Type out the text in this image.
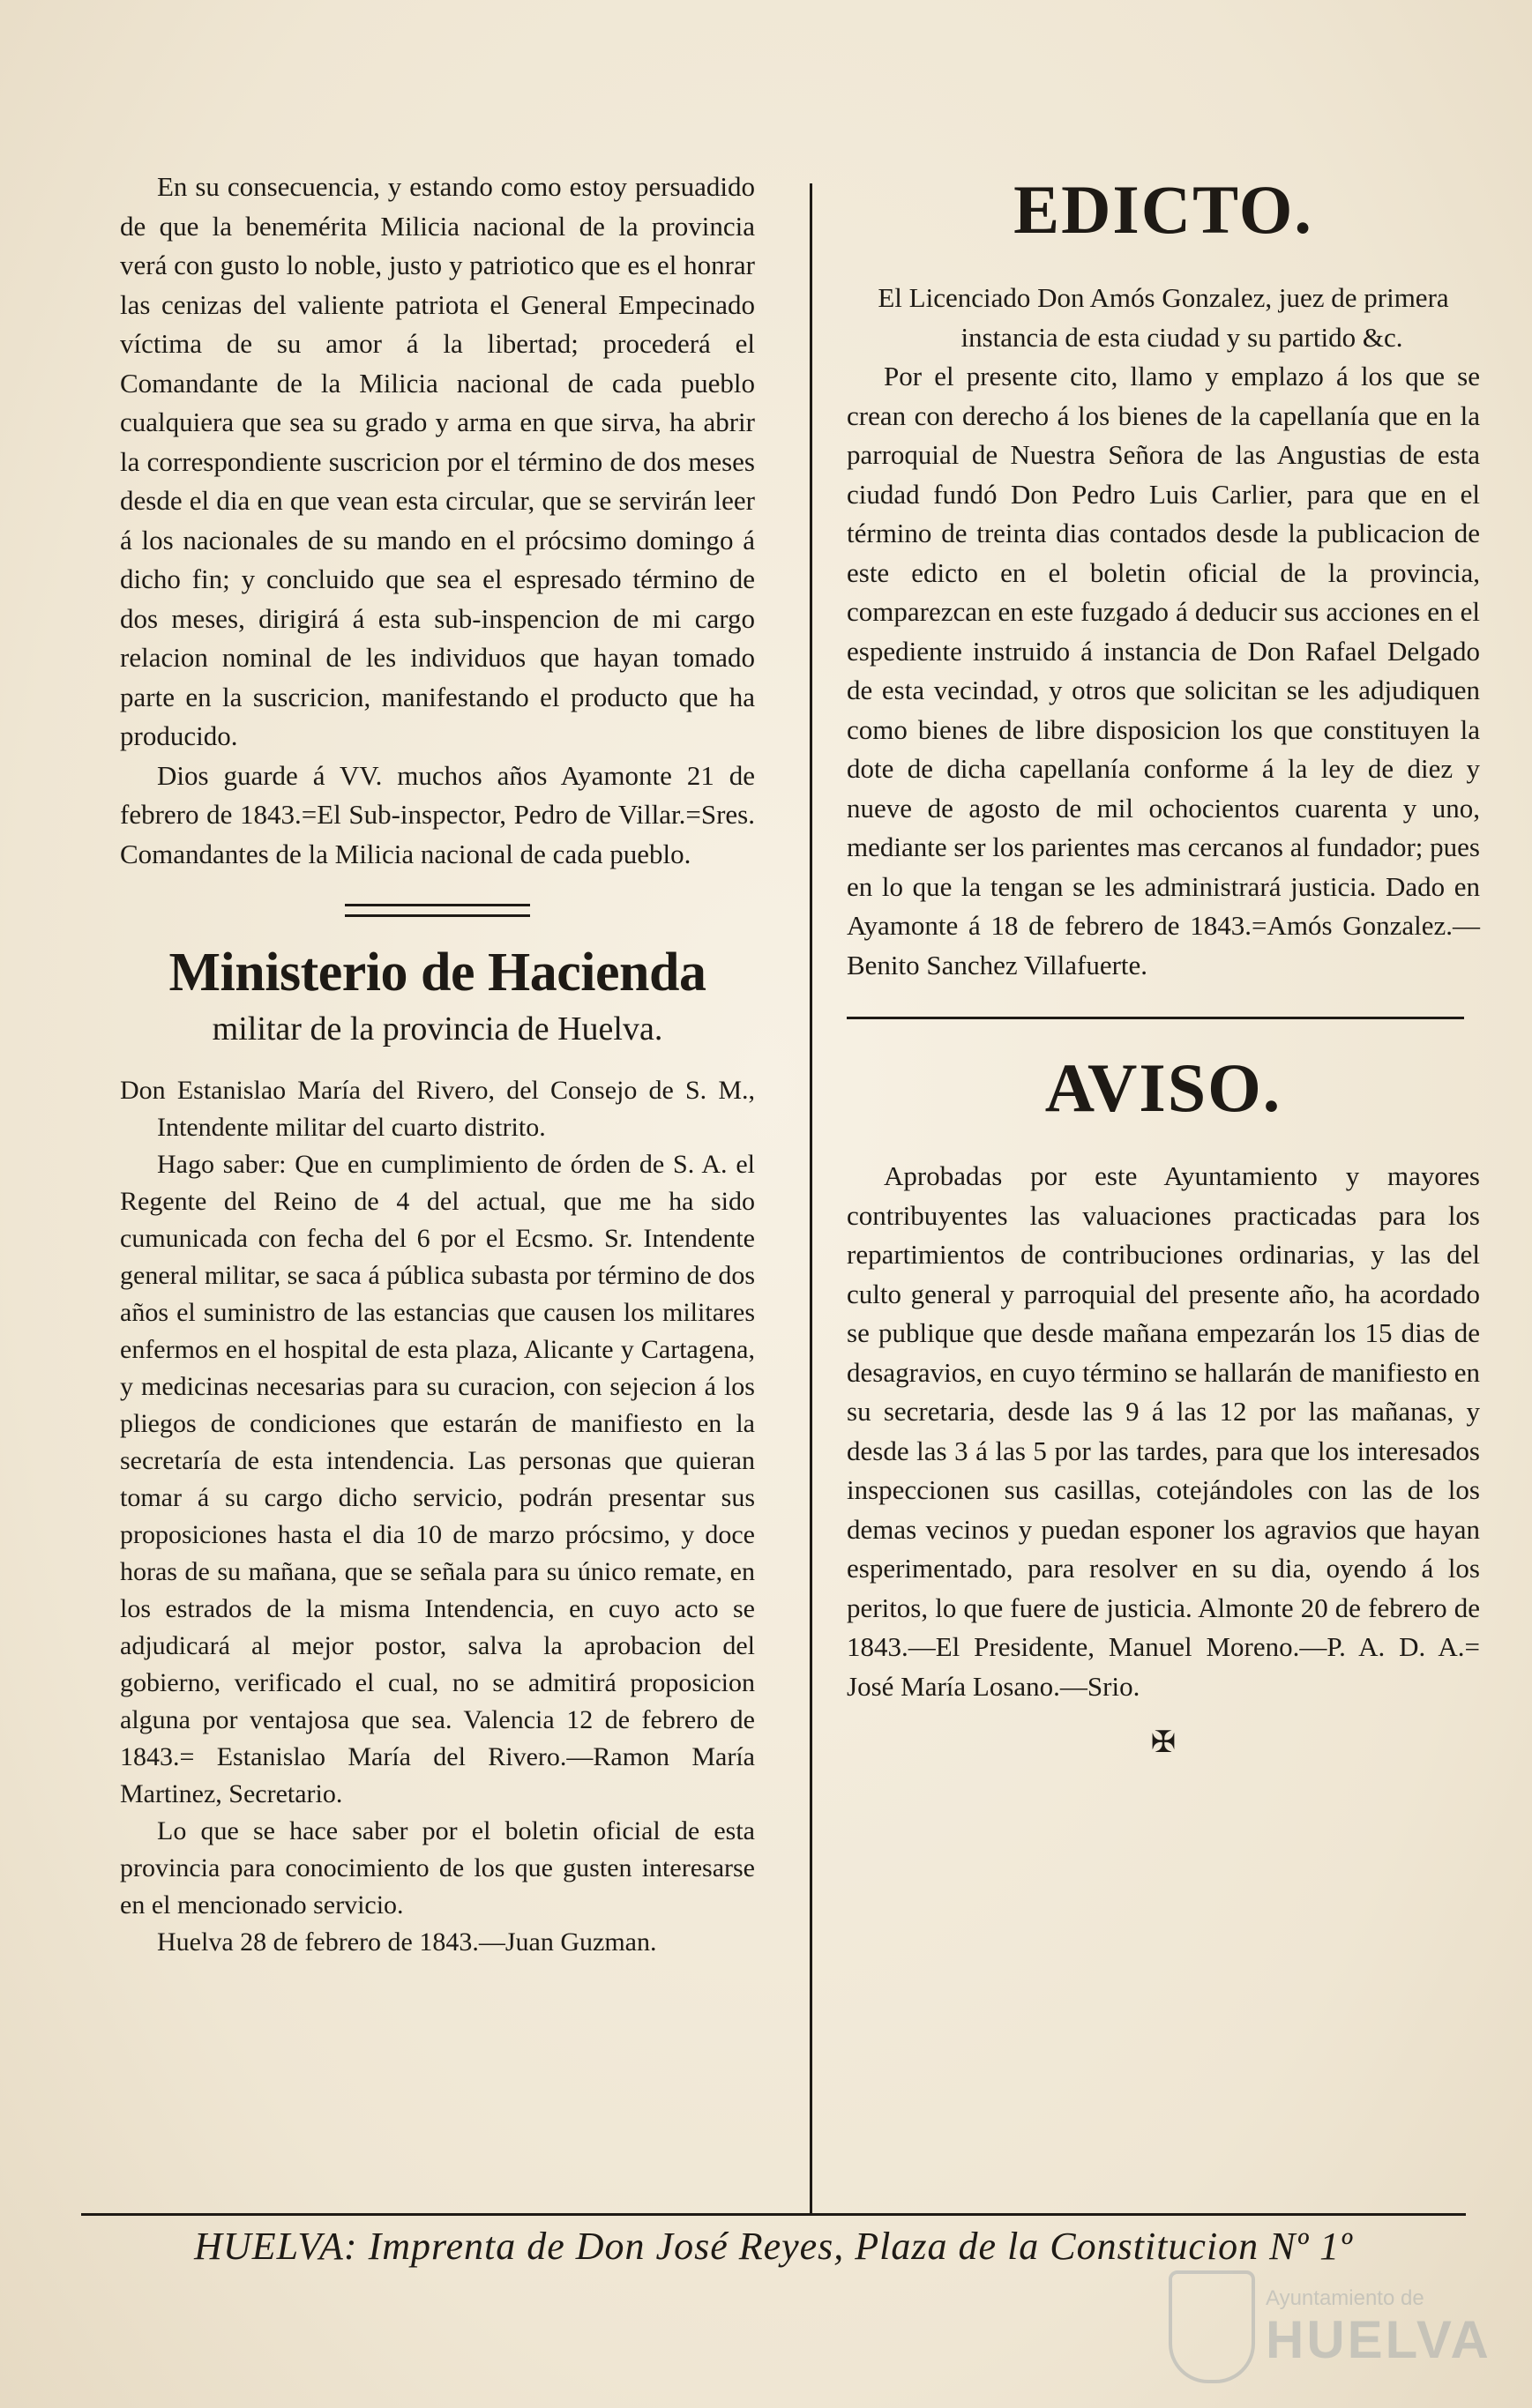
En su consecuencia, y estando como estoy persuadido de que la benemérita Milicia nacional de la provincia verá con gusto lo noble, justo y patriotico que es el honrar las cenizas del valiente patriota el General Empecinado víctima de su amor á la libertad; procederá el Comandante de la Milicia nacional de cada pueblo cualquiera que sea su grado y arma en que sirva, ha abrir la correspondiente suscricion por el término de dos meses desde el dia en que vean esta circular, que se servirán leer á los nacionales de su mando en el prócsimo domingo á dicho fin; y concluido que sea el espresado término de dos meses, dirigirá á esta sub-inspencion de mi cargo relacion nominal de les individuos que hayan tomado parte en la suscricion, manifestando el producto que ha producido.

Dios guarde á VV. muchos años Ayamonte 21 de febrero de 1843.=El Sub-inspector, Pedro de Villar.=Sres. Comandantes de la Milicia nacional de cada pueblo.

Ministerio de Hacienda
militar de la provincia de Huelva.

Don Estanislao María del Rivero, del Consejo de S. M., Intendente militar del cuarto distrito.

Hago saber: Que en cumplimiento de órden de S. A. el Regente del Reino de 4 del actual, que me ha sido cumunicada con fecha del 6 por el Ecsmo. Sr. Intendente general militar, se saca á pública subasta por término de dos años el suministro de las estancias que causen los militares enfermos en el hospital de esta plaza, Alicante y Cartagena, y medicinas necesarias para su curacion, con sejecion á los pliegos de condiciones que estarán de manifiesto en la secretaría de esta intendencia. Las personas que quieran tomar á su cargo dicho servicio, podrán presentar sus proposiciones hasta el dia 10 de marzo prócsimo, y doce horas de su mañana, que se señala para su único remate, en los estrados de la misma Intendencia, en cuyo acto se adjudicará al mejor postor, salva la aprobacion del gobierno, verificado el cual, no se admitirá proposicion alguna por ventajosa que sea. Valencia 12 de febrero de 1843.= Estanislao María del Rivero.—Ramon María Martinez, Secretario.

Lo que se hace saber por el boletin oficial de esta provincia para conocimiento de los que gusten interesarse en el mencionado servicio.

Huelva 28 de febrero de 1843.—Juan Guzman.

EDICTO.

El Licenciado Don Amós Gonzalez, juez de primera instancia de esta ciudad y su partido &c.

Por el presente cito, llamo y emplazo á los que se crean con derecho á los bienes de la capellanía que en la parroquial de Nuestra Señora de las Angustias de esta ciudad fundó Don Pedro Luis Carlier, para que en el término de treinta dias contados desde la publicacion de este edicto en el boletin oficial de la provincia, comparezcan en este fuzgado á deducir sus acciones en el espediente instruido á instancia de Don Rafael Delgado de esta vecindad, y otros que solicitan se les adjudiquen como bienes de libre disposicion los que constituyen la dote de dicha capellanía conforme á la ley de diez y nueve de agosto de mil ochocientos cuarenta y uno, mediante ser los parientes mas cercanos al fundador; pues en lo que la tengan se les administrará justicia. Dado en Ayamonte á 18 de febrero de 1843.=Amós Gonzalez.—Benito Sanchez Villafuerte.

AVISO.

Aprobadas por este Ayuntamiento y mayores contribuyentes las valuaciones practicadas para los repartimientos de contribuciones ordinarias, y las del culto general y parroquial del presente año, ha acordado se publique que desde mañana empezarán los 15 dias de desagravios, en cuyo término se hallarán de manifiesto en su secretaria, desde las 9 á las 12 por las mañanas, y desde las 3 á las 5 por las tardes, para que los interesados inspeccionen sus casillas, cotejándoles con las de los demas vecinos y puedan esponer los agravios que hayan esperimentado, para resolver en su dia, oyendo á los peritos, lo que fuere de justicia. Almonte 20 de febrero de 1843.—El Presidente, Manuel Moreno.—P. A. D. A.= José María Losano.—Srio.

✠
HUELVA: Imprenta de Don José Reyes, Plaza de la Constitucion Nº 1º
Ayuntamiento de
HUELVA
